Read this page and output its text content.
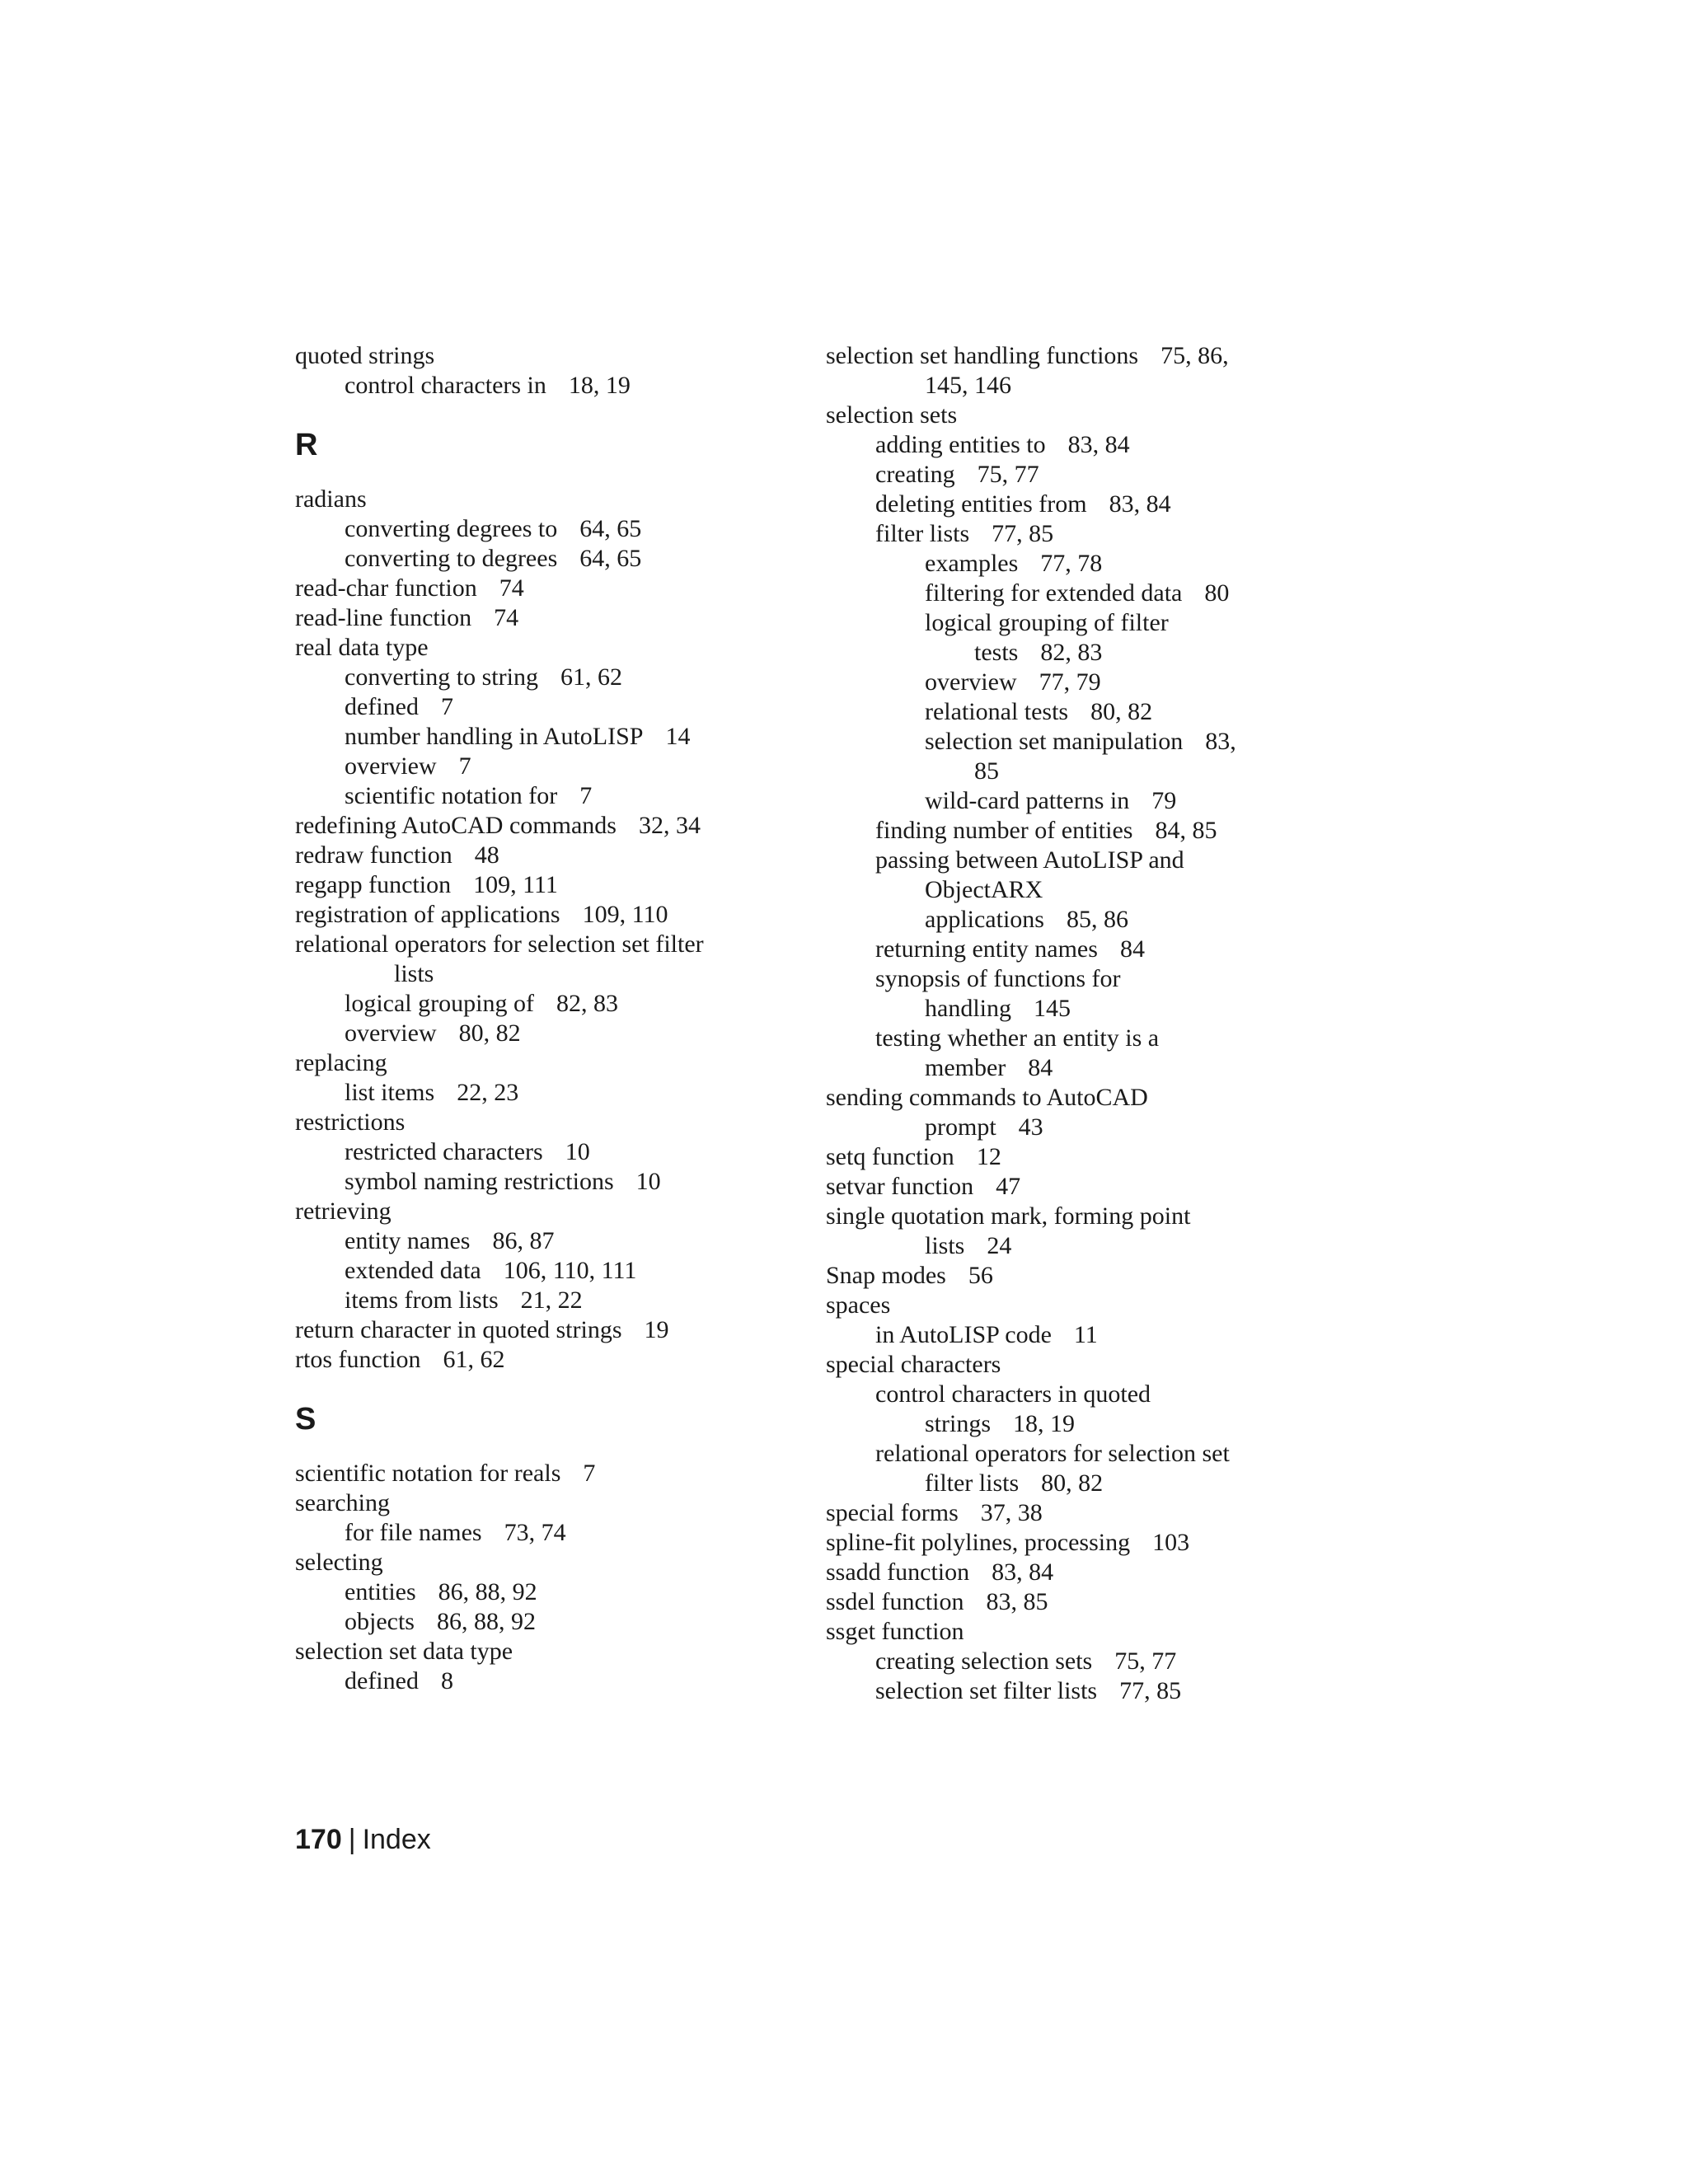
quoted strings
control characters in 18, 19
R
radians
converting degrees to 64, 65
converting to degrees 64, 65
read-char function 74
read-line function 74
real data type
converting to string 61, 62
defined 7
number handling in AutoLISP 14
overview 7
scientific notation for 7
redefining AutoCAD commands 32, 34
redraw function 48
regapp function 109, 111
registration of applications 109, 110
relational operators for selection set filter
lists
logical grouping of 82, 83
overview 80, 82
replacing
list items 22, 23
restrictions
restricted characters 10
symbol naming restrictions 10
retrieving
entity names 86, 87
extended data 106, 110, 111
items from lists 21, 22
return character in quoted strings 19
rtos function 61, 62
S
scientific notation for reals 7
searching
for file names 73, 74
selecting
entities 86, 88, 92
objects 86, 88, 92
selection set data type
defined 8
selection set handling functions 75, 86,
145, 146
selection sets
adding entities to 83, 84
creating 75, 77
deleting entities from 83, 84
filter lists 77, 85
examples 77, 78
filtering for extended data 80
logical grouping of filter
tests 82, 83
overview 77, 79
relational tests 80, 82
selection set manipulation 83,
85
wild-card patterns in 79
finding number of entities 84, 85
passing between AutoLISP and
ObjectARX
applications 85, 86
returning entity names 84
synopsis of functions for
handling 145
testing whether an entity is a
member 84
sending commands to AutoCAD
prompt 43
setq function 12
setvar function 47
single quotation mark, forming point
lists 24
Snap modes 56
spaces
in AutoLISP code 11
special characters
control characters in quoted
strings 18, 19
relational operators for selection set
filter lists 80, 82
special forms 37, 38
spline-fit polylines, processing 103
ssadd function 83, 84
ssdel function 83, 85
ssget function
creating selection sets 75, 77
selection set filter lists 77, 85
170 | Index
